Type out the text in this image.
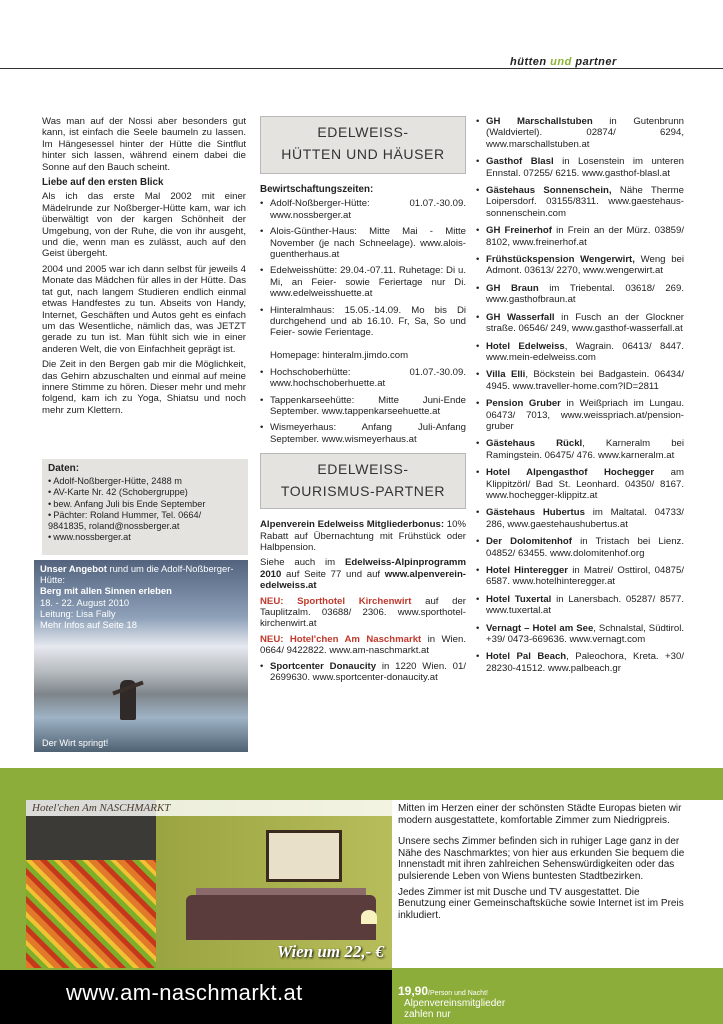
hütten und partner

Was man auf der Nossi aber besonders gut kann, ist einfach die Seele baumeln zu lassen. Im Hängesessel hinter der Hütte die Sintflut hinter sich lassen, während einem dabei die Sonne auf den Bauch scheint.

Liebe auf den ersten Blick

Als ich das erste Mal 2002 mit einer Mädelrunde zur Noßberger-Hütte kam, war ich überwältigt von der kargen Schönheit der Umgebung, von der Ruhe, die von ihr ausgeht, und die, wenn man es zulässt, auch auf den Geist übergeht.

2004 und 2005 war ich dann selbst für jeweils 4 Monate das Mädchen für alles in der Hütte. Das tat gut, nach langem Studieren endlich einmal etwas Handfestes zu tun. Abseits von Handy, Internet, Geschäften und Autos geht es einfach um das Wesentliche, nämlich das, was JETZT gerade zu tun ist. Man fühlt sich wie in einer anderen Welt, die von Einfachheit geprägt ist.

Die Zeit in den Bergen gab mir die Möglichkeit, das Gehirn abzuschalten und einmal auf meine innere Stimme zu hören. Dieser mehr und mehr folgend, kam ich zu Yoga, Shiatsu und noch mehr zum Klettern.

Daten:
• Adolf-Noßberger-Hütte, 2488 m
• AV-Karte Nr. 42 (Schobergruppe)
• bew. Anfang Juli bis Ende September
• Pächter: Roland Hummer, Tel. 0664/ 9841835, roland@nossberger.at
• www.nossberger.at
Unser Angebot rund um die Adolf-Noßberger-Hütte:
Berg mit allen Sinnen erleben
18. - 22. August 2010
Leitung: Lisa Fally
Mehr Infos auf Seite 18
Der Wirt springt!
EDELWEISS-
HÜTTEN UND HÄUSER
Bewirtschaftungszeiten:
• Adolf-Noßberger-Hütte: 01.07.-30.09. www.nossberger.at
• Alois-Günther-Haus: Mitte Mai - Mitte November (je nach Schneelage). www.alois-guentherhaus.at
• Edelweisshütte: 29.04.-07.11. Ruhetage: Di u. Mi, an Feier- sowie Feriertage nur Di. www.edelweisshuette.at
• Hinteralmhaus: 15.05.-14.09. Mo bis Di durchgehend und ab 16.10. Fr, Sa, So und Feier- sowie Ferientage.

Homepage: hinteralm.jimdo.com
• Hochschoberhütte: 01.07.-30.09. www.hochschoberhuette.at
• Tappenkarseehütte: Mitte Juni-Ende September. www.tappenkarseehuette.at
• Wismeyerhaus: Anfang Juli-Anfang September. www.wismeyerhaus.at
EDELWEISS-
TOURISMUS-PARTNER

Alpenverein Edelweiss Mitgliederbonus: 10% Rabatt auf Übernachtung mit Frühstück oder Halbpension.

Siehe auch im Edelweiss-Alpinprogramm 2010 auf Seite 77 und auf www.alpenverein-edelweiss.at

NEU: Sporthotel Kirchenwirt auf der Tauplitzalm. 03688/ 2306. www.sporthotel-kirchenwirt.at

NEU: Hotel'chen Am Naschmarkt in Wien. 0664/ 9422822. www.am-naschmarkt.at

• Sportcenter Donaucity in 1220 Wien. 01/ 2699630. www.sportcenter-donaucity.at
• GH Marschallstuben in Gutenbrunn (Waldviertel). 02874/ 6294, www.marschallstuben.at
• Gasthof Blasl in Losenstein im unteren Ennstal. 07255/ 6215. www.gasthof-blasl.at
• Gästehaus Sonnenschein, Nähe Therme Loipersdorf. 03155/8311. www.gaestehaus-sonnenschein.com
• GH Freinerhof in Frein an der Mürz. 03859/ 8102, www.freinerhof.at
• Frühstückspension Wengerwirt, Weng bei Admont. 03613/ 2270, www.wengerwirt.at
• GH Braun im Triebental. 03618/ 269. www.gasthofbraun.at
• GH Wasserfall in Fusch an der Glockner straße. 06546/ 249, www.gasthof-wasserfall.at
• Hotel Edelweiss, Wagrain. 06413/ 8447. www.mein-edelweiss.com
• Villa Elli, Böckstein bei Badgastein. 06434/ 4945. www.traveller-home.com?ID=2811
• Pension Gruber in Weißpriach im Lungau. 06473/ 7013, www.weisspriach.at/pension-gruber
• Gästehaus Rückl, Karneralm bei Ramingstein. 06475/ 476. www.karneralm.at
• Hotel Alpengasthof Hochegger am Klippitzörl/ Bad St. Leonhard. 04350/ 8167. www.hochegger-klippitz.at
• Gästehaus Hubertus im Maltatal. 04733/ 286, www.gaestehaushubertus.at
• Der Dolomitenhof in Tristach bei Lienz. 04852/ 63455. www.dolomitenhof.org
• Hotel Hinteregger in Matrei/ Osttirol, 04875/ 6587. www.hotelhinteregger.at
• Hotel Tuxertal in Lanersbach. 05287/ 8577. www.tuxertal.at
• Vernagt – Hotel am See, Schnalstal, Südtirol. +39/ 0473-669636. www.vernagt.com
• Hotel Pal Beach, Paleochora, Kreta. +30/ 28230-41512. www.palbeach.gr
Hotel'chen Am NASCHMARKT
Wien um 22,- €

Mitten im Herzen einer der schönsten Städte Europas bieten wir modern ausgestattete, komfortable Zimmer zum Niedrigpreis.

Unsere sechs Zimmer befinden sich in ruhiger Lage ganz in der Nähe des Naschmarktes; von hier aus erkunden Sie bequem die Innenstadt mit ihren zahlreichen Sehenswürdigkeiten oder das pulsierende Leben von Wiens buntesten Stadtbezirken.

Jedes Zimmer ist mit Dusche und TV ausgestattet. Die Benutzung einer Gemeinschaftsküche sowie Internet ist im Preis inkludiert.

www.am-naschmarkt.at	Alpenvereinsmitglieder zahlen nur
19,90/Person und Nacht!
